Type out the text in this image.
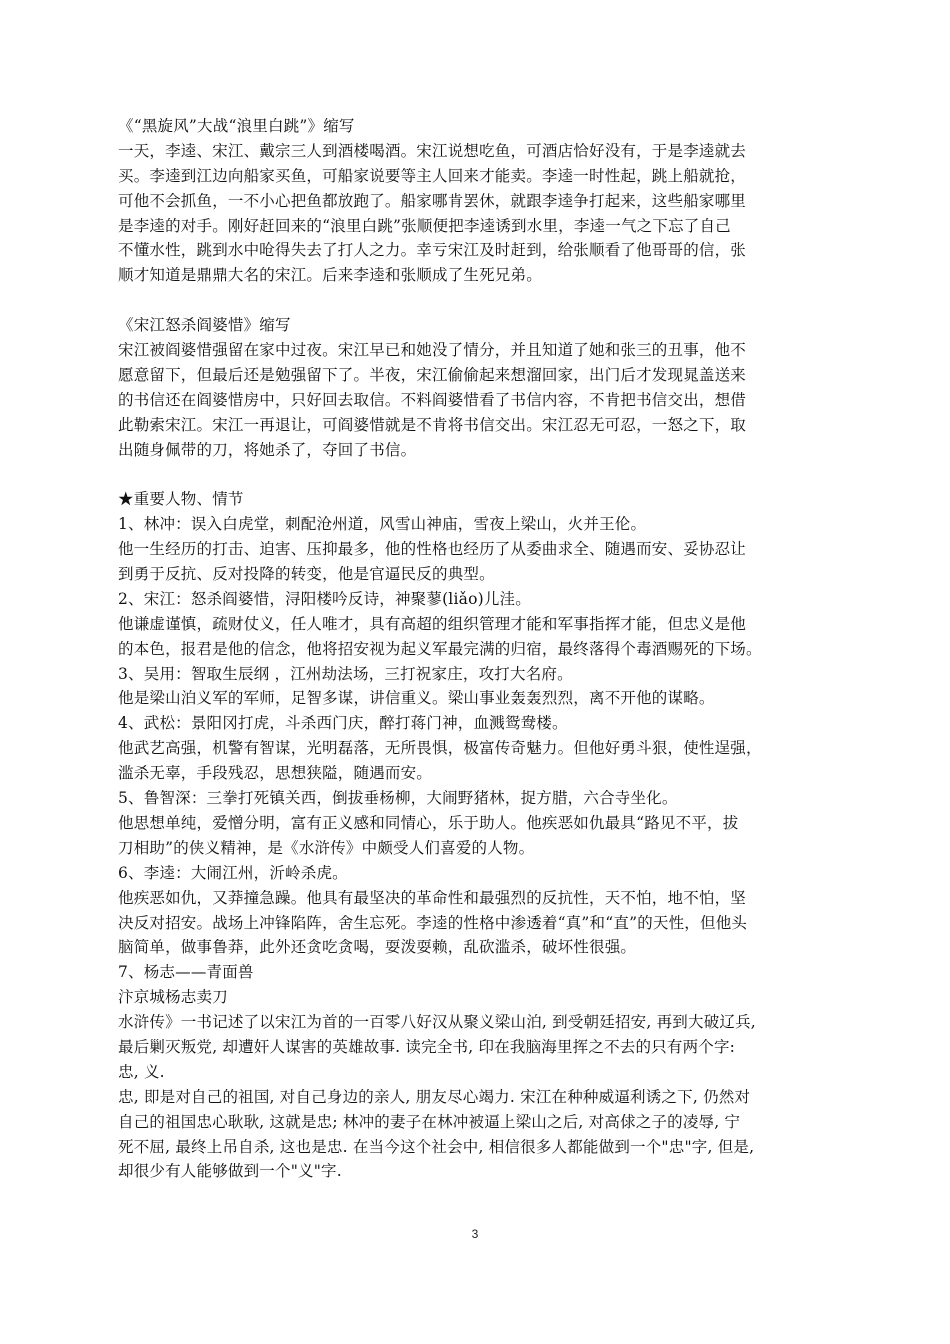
《“黑旋风”大战“浪里白跳”》缩写
一天，李逵、宋江、戴宗三人到酒楼喝酒。宋江说想吃鱼，可酒店恰好没有，于是李逵就去
买。李逵到江边向船家买鱼，可船家说要等主人回来才能卖。李逵一时性起，跳上船就抢，
可他不会抓鱼，一不小心把鱼都放跑了。船家哪肯罢休，就跟李逵争打起来，这些船家哪里
是李逵的对手。刚好赶回来的“浪里白跳”张顺便把李逵诱到水里，李逵一气之下忘了自己
不懂水性，跳到水中呛得失去了打人之力。幸亏宋江及时赶到，给张顺看了他哥哥的信，张
顺才知道是鼎鼎大名的宋江。后来李逵和张顺成了生死兄弟。
《宋江怒杀阎婆惜》缩写
宋江被阎婆惜强留在家中过夜。宋江早已和她没了情分，并且知道了她和张三的丑事，他不
愿意留下，但最后还是勉强留下了。半夜，宋江偷偷起来想溜回家，出门后才发现晁盖送来
的书信还在阎婆惜房中，只好回去取信。不料阎婆惜看了书信内容，不肯把书信交出，想借
此勒索宋江。宋江一再退让，可阎婆惜就是不肯将书信交出。宋江忍无可忍，一怒之下，取
出随身佩带的刀，将她杀了，夺回了书信。
★重要人物、情节
1、林冲：误入白虎堂，刺配沧州道，风雪山神庙，雪夜上梁山，火并王伦。
他一生经历的打击、迫害、压抑最多，他的性格也经历了从委曲求全、随遇而安、妥协忍让
到勇于反抗、反对投降的转变，他是官逼民反的典型。
2、宋江：怒杀阎婆惜，浔阳楼吟反诗，神聚蓼(liǎo)儿洼。
他谦虚谨慎，疏财仗义，任人唯才，具有高超的组织管理才能和军事指挥才能，但忠义是他
的本色，报君是他的信念，他将招安视为起义军最完满的归宿，最终落得个毒酒赐死的下场。
3、吴用：智取生辰纲 ，江州劫法场，三打祝家庄，攻打大名府。
他是梁山泊义军的军师，足智多谋，讲信重义。梁山事业轰轰烈烈，离不开他的谋略。
4、武松：景阳冈打虎，斗杀西门庆，醉打蒋门神，血溅鸳鸯楼。
他武艺高强，机警有智谋，光明磊落，无所畏惧，极富传奇魅力。但他好勇斗狠，使性逞强，
滥杀无辜，手段残忍，思想狭隘，随遇而安。
5、鲁智深：三拳打死镇关西，倒拔垂杨柳，大闹野猪林，捉方腊，六合寺坐化。
他思想单纯，爱憎分明，富有正义感和同情心，乐于助人。他疾恶如仇最具“路见不平，拔
刀相助”的侠义精神，是《水浒传》中颇受人们喜爱的人物。
6、李逵：大闹江州，沂岭杀虎。
他疾恶如仇，又莽撞急躁。他具有最坚决的革命性和最强烈的反抗性，天不怕，地不怕，坚
决反对招安。战场上冲锋陷阵，舍生忘死。李逵的性格中渗透着“真”和“直”的天性，但他头
脑简单，做事鲁莽，此外还贪吃贪喝，耍泼耍赖，乱砍滥杀，破坏性很强。
7、杨志——青面兽
汴京城杨志卖刀
水浒传》一书记述了以宋江为首的一百零八好汉从聚义梁山泊, 到受朝廷招安, 再到大破辽兵,
最后剿灭叛党, 却遭奸人谋害的英雄故事. 读完全书, 印在我脑海里挥之不去的只有两个字:
忠, 义.
忠, 即是对自己的祖国, 对自己身边的亲人, 朋友尽心竭力. 宋江在种种威逼利诱之下, 仍然对
自己的祖国忠心耿耿, 这就是忠; 林冲的妻子在林冲被逼上梁山之后, 对高俅之子的凌辱, 宁
死不屈, 最终上吊自杀, 这也是忠. 在当今这个社会中, 相信很多人都能做到一个"忠"字, 但是,
却很少有人能够做到一个"义"字.
3
